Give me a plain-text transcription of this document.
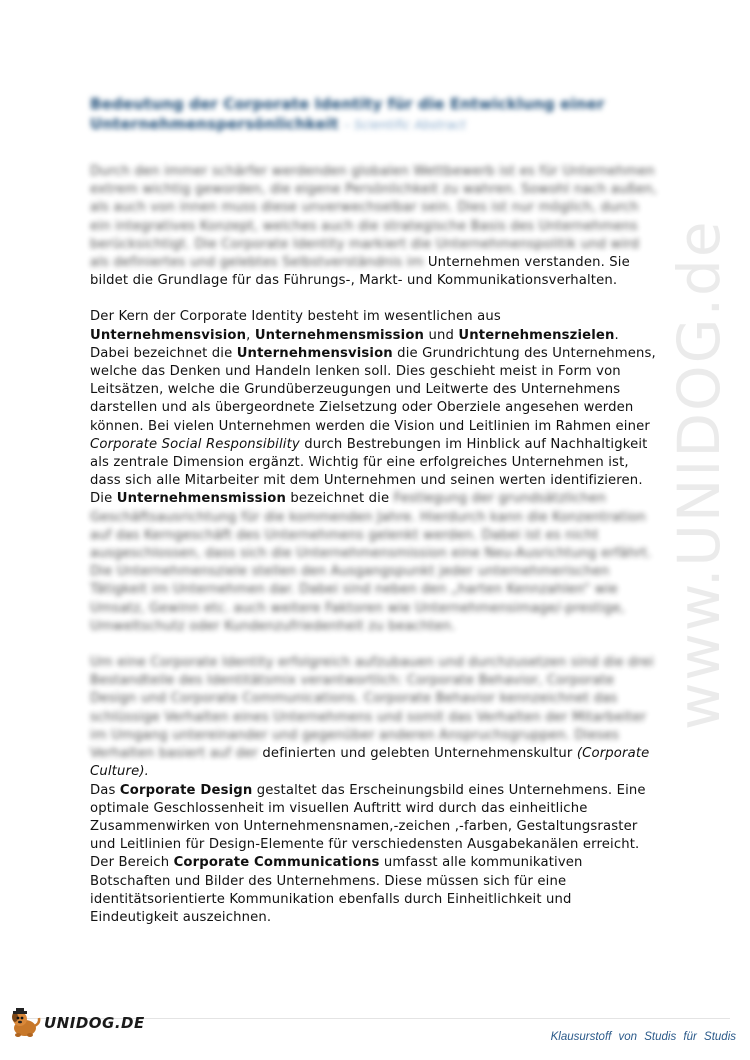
www.UNIDOG.de
Bedeutung der Corporate Identity für die Entwicklung einer Unternehmenspersönlichkeit – Scientific Abstract

Durch den immer schärfer werdenden globalen Wettbewerb ist es für Unternehmen extrem wichtig geworden, die eigene Persönlichkeit zu wahren. Sowohl nach außen, als auch von innen muss diese unverwechselbar sein. Dies ist nur möglich, durch ein integratives Konzept, welches auch die strategische Basis des Unternehmens berücksichtigt. Die Corporate Identity markiert die Unternehmenspolitik und wird als definiertes und gelebtes Selbstverständnis im Unternehmen verstanden. Sie bildet die Grundlage für das Führungs-, Markt- und Kommunikationsverhalten.

Der Kern der Corporate Identity besteht im wesentlichen aus
Unternehmensvision, Unternehmensmission und Unternehmenszielen.
Dabei bezeichnet die Unternehmensvision die Grundrichtung des Unternehmens, welche das Denken und Handeln lenken soll. Dies geschieht meist in Form von Leitsätzen, welche die Grundüberzeugungen und Leitwerte des Unternehmens darstellen und als übergeordnete Zielsetzung oder Oberziele angesehen werden können. Bei vielen Unternehmen werden die Vision und Leitlinien im Rahmen einer Corporate Social Responsibility durch Bestrebungen im Hinblick auf Nachhaltigkeit als zentrale Dimension ergänzt. Wichtig für eine erfolgreiches Unternehmen ist, dass sich alle Mitarbeiter mit dem Unternehmen und seinen werten identifizieren. Die Unternehmensmission bezeichnet die Festlegung der grundsätzlichen Geschäftsausrichtung für die kommenden Jahre. Hierdurch kann die Konzentration auf das Kerngeschäft des Unternehmens gelenkt werden. Dabei ist es nicht ausgeschlossen, dass sich die Unternehmensmission eine Neu-Ausrichtung erfährt. Die Unternehmensziele stellen den Ausgangspunkt jeder unternehmerischen Tätigkeit im Unternehmen dar. Dabei sind neben den „harten Kennzahlen“ wie Umsatz, Gewinn etc. auch weitere Faktoren wie Unternehmensimage/-prestige, Umweltschutz oder Kundenzufriedenheit zu beachten.

Um eine Corporate Identity erfolgreich aufzubauen und durchzusetzen sind die drei Bestandteile des Identitätsmix verantwortlich: Corporate Behavior, Corporate Design und Corporate Communications. Corporate Behavior kennzeichnet das schlüssige Verhalten eines Unternehmens und somit das Verhalten der Mitarbeiter im Umgang untereinander und gegenüber anderen Anspruchsgruppen. Dieses Verhalten basiert auf der definierten und gelebten Unternehmenskultur (Corporate Culture).
Das Corporate Design gestaltet das Erscheinungsbild eines Unternehmens. Eine optimale Geschlossenheit im visuellen Auftritt wird durch das einheitliche Zusammenwirken von Unternehmensnamen,-zeichen ,-farben, Gestaltungsraster und Leitlinien für Design-Elemente für verschiedensten Ausgabekanälen erreicht. Der Bereich Corporate Communications umfasst alle kommunikativen Botschaften und Bilder des Unternehmens. Diese müssen sich für eine identitätsorientierte Kommunikation ebenfalls durch Einheitlichkeit und Eindeutigkeit auszeichnen.

UNIDOG.DE
Klausurstoff von Studis für Studis
